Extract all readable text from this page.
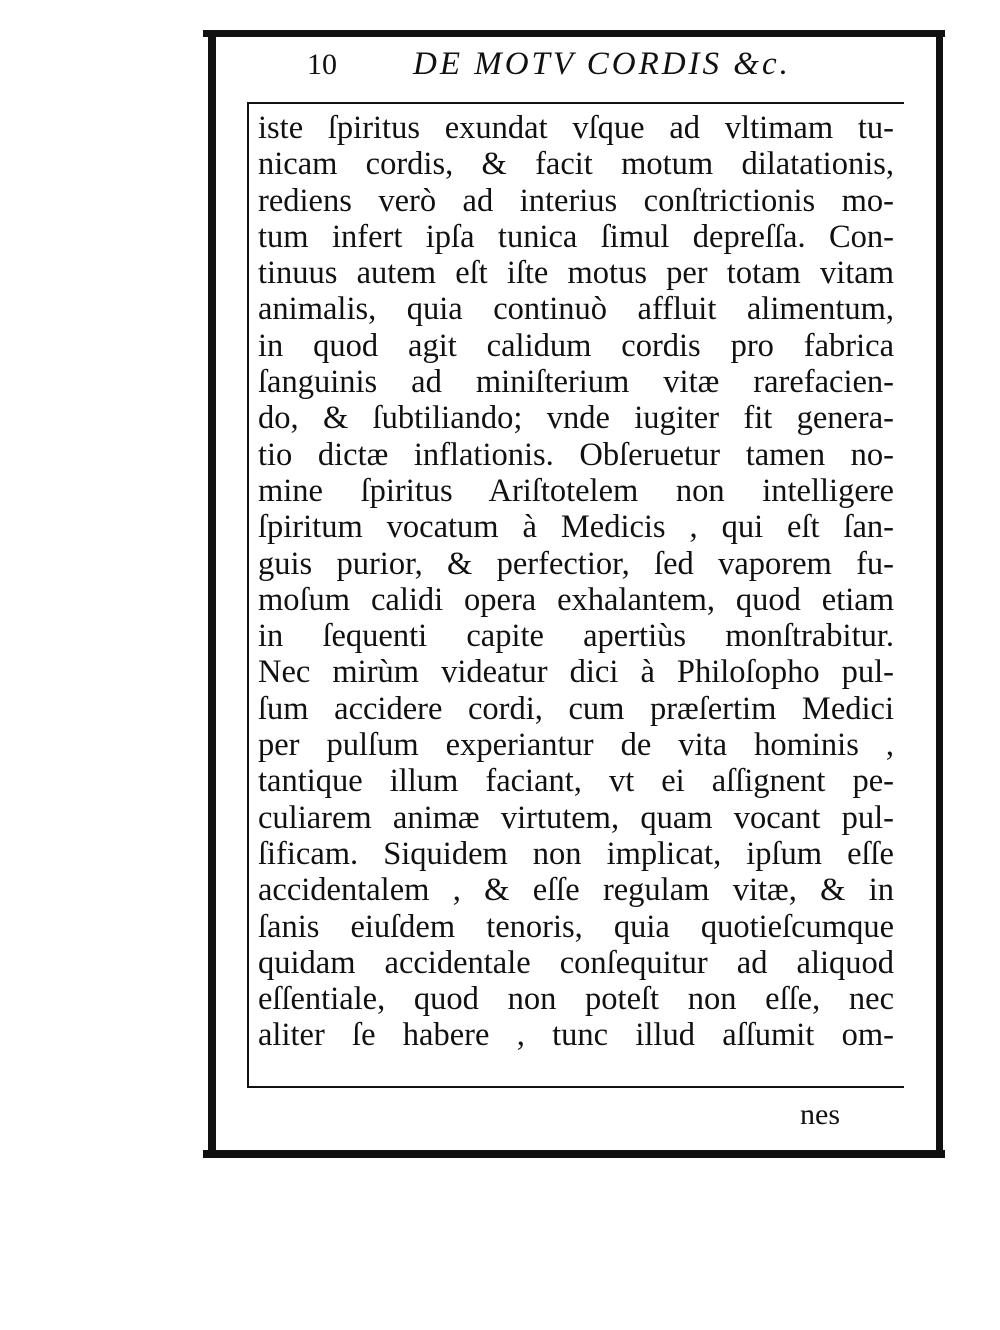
10 DE MOTV CORDIS &c.
iste ſpiritus exundat vſque ad vltimam tu-
nicam cordis, & facit motum dilatationis,
rediens verò ad interius conſtrictionis mo-
tum infert ipſa tunica ſimul depreſſa. Con-
tinuus autem eſt iſte motus per totam vitam
animalis, quia continuò affluit alimentum,
in quod agit calidum cordis pro fabrica
ſanguinis ad miniſterium vitæ rarefacien-
do, & ſubtiliando; vnde iugiter fit genera-
tio dictæ inflationis. Obſeruetur tamen no-
mine ſpiritus Ariſtotelem non intelligere
ſpiritum vocatum à Medicis , qui eſt ſan-
guis purior, & perfectior, ſed vaporem fu-
moſum calidi opera exhalantem, quod etiam
in ſequenti capite apertiùs monſtrabitur.
Nec mirùm videatur dici à Philoſopho pul-
ſum accidere cordi, cum præſertim Medici
per pulſum experiantur de vita hominis ,
tantique illum faciant, vt ei aſſignent pe-
culiarem animæ virtutem, quam vocant pul-
ſificam. Siquidem non implicat, ipſum eſſe
accidentalem , & eſſe regulam vitæ, & in
ſanis eiuſdem tenoris, quia quotieſcumque
quidam accidentale conſequitur ad aliquod
eſſentiale, quod non poteſt non eſſe, nec
aliter ſe habere , tunc illud aſſumit om-
nes
